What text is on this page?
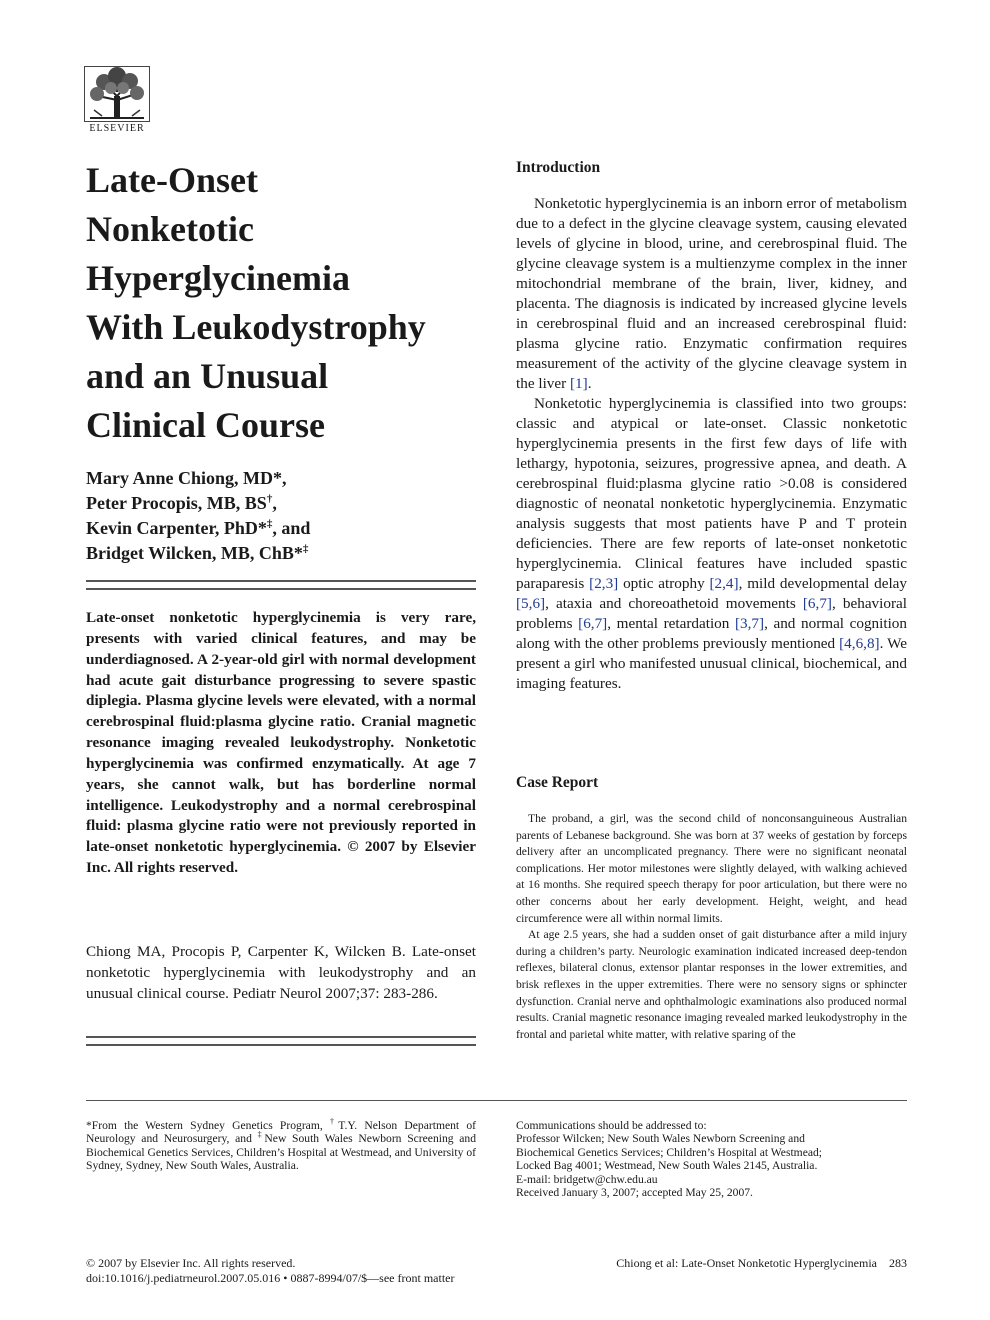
ELSEVIER
Late-Onset
Nonketotic
Hyperglycinemia
With Leukodystrophy
and an Unusual
Clinical Course
Mary Anne Chiong, MD*,
Peter Procopis, MB, BS†,
Kevin Carpenter, PhD*‡, and
Bridget Wilcken, MB, ChB*‡
Late-onset nonketotic hyperglycinemia is very rare, presents with varied clinical features, and may be underdiagnosed. A 2-year-old girl with normal development had acute gait disturbance progressing to severe spastic diplegia. Plasma glycine levels were elevated, with a normal cerebrospinal fluid:plasma glycine ratio. Cranial magnetic resonance imaging revealed leukodystrophy. Nonketotic hyperglycinemia was confirmed enzymatically. At age 7 years, she cannot walk, but has borderline normal intelligence. Leukodystrophy and a normal cerebrospinal fluid: plasma glycine ratio were not previously reported in late-onset nonketotic hyperglycinemia. © 2007 by Elsevier Inc. All rights reserved.
Chiong MA, Procopis P, Carpenter K, Wilcken B. Late-onset nonketotic hyperglycinemia with leukodystrophy and an unusual clinical course. Pediatr Neurol 2007;37: 283-286.
Introduction

Nonketotic hyperglycinemia is an inborn error of metabolism due to a defect in the glycine cleavage system, causing elevated levels of glycine in blood, urine, and cerebrospinal fluid. The glycine cleavage system is a multienzyme complex in the inner mitochondrial membrane of the brain, liver, kidney, and placenta. The diagnosis is indicated by increased glycine levels in cerebrospinal fluid and an increased cerebrospinal fluid: plasma glycine ratio. Enzymatic confirmation requires measurement of the activity of the glycine cleavage system in the liver [1].

Nonketotic hyperglycinemia is classified into two groups: classic and atypical or late-onset. Classic nonketotic hyperglycinemia presents in the first few days of life with lethargy, hypotonia, seizures, progressive apnea, and death. A cerebrospinal fluid:plasma glycine ratio >0.08 is considered diagnostic of neonatal nonketotic hyperglycinemia. Enzymatic analysis suggests that most patients have P and T protein deficiencies. There are few reports of late-onset nonketotic hyperglycinemia. Clinical features have included spastic paraparesis [2,3] optic atrophy [2,4], mild developmental delay [5,6], ataxia and choreoathetoid movements [6,7], behavioral problems [6,7], mental retardation [3,7], and normal cognition along with the other problems previously mentioned [4,6,8]. We present a girl who manifested unusual clinical, biochemical, and imaging features.

Case Report

The proband, a girl, was the second child of nonconsanguineous Australian parents of Lebanese background. She was born at 37 weeks of gestation by forceps delivery after an uncomplicated pregnancy. There were no significant neonatal complications. Her motor milestones were slightly delayed, with walking achieved at 16 months. She required speech therapy for poor articulation, but there were no other concerns about her early development. Height, weight, and head circumference were all within normal limits.

At age 2.5 years, she had a sudden onset of gait disturbance after a mild injury during a children’s party. Neurologic examination indicated increased deep-tendon reflexes, bilateral clonus, extensor plantar responses in the lower extremities, and brisk reflexes in the upper extremities. There were no sensory signs or sphincter dysfunction. Cranial nerve and ophthalmologic examinations also produced normal results. Cranial magnetic resonance imaging revealed marked leukodystrophy in the frontal and parietal white matter, with relative sparing of the

*From the Western Sydney Genetics Program, †T.Y. Nelson Department of Neurology and Neurosurgery, and ‡New South Wales Newborn Screening and Biochemical Genetics Services, Children’s Hospital at Westmead, and University of Sydney, Sydney, New South Wales, Australia.
Communications should be addressed to:
Professor Wilcken; New South Wales Newborn Screening and
Biochemical Genetics Services; Children’s Hospital at Westmead;
Locked Bag 4001; Westmead, New South Wales 2145, Australia.
E-mail: bridgetw@chw.edu.au
Received January 3, 2007; accepted May 25, 2007.
© 2007 by Elsevier Inc. All rights reserved.
doi:10.1016/j.pediatrneurol.2007.05.016 • 0887-8994/07/$—see front matter
Chiong et al: Late-Onset Nonketotic Hyperglycinemia 283
